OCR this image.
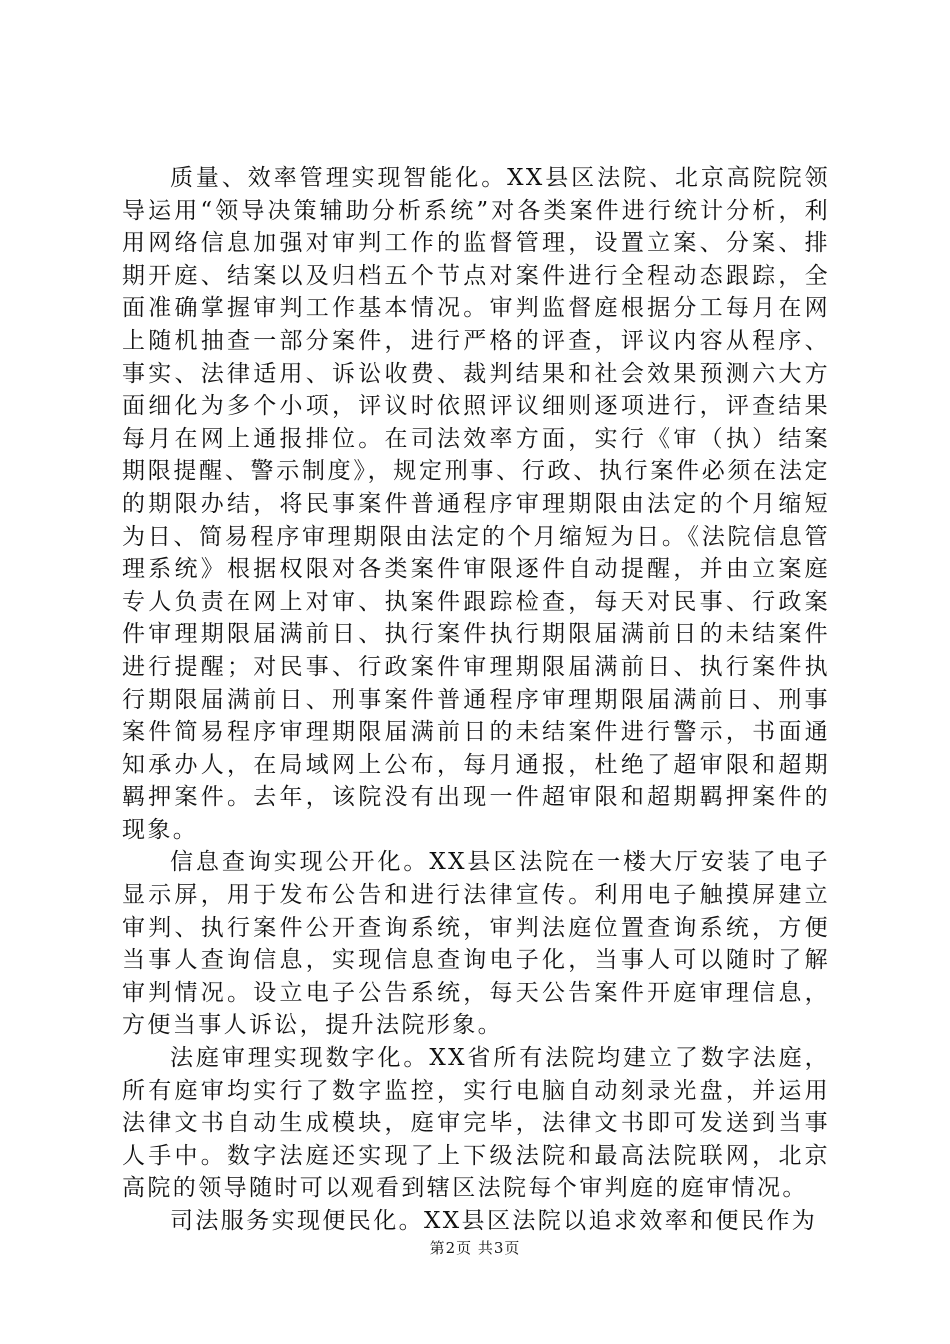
质量、效率管理实现智能化。XX县区法院、北京高院院领导运用“领导决策辅助分析系统”对各类案件进行统计分析，利用网络信息加强对审判工作的监督管理，设置立案、分案、排期开庭、结案以及归档五个节点对案件进行全程动态跟踪，全面准确掌握审判工作基本情况。审判监督庭根据分工每月在网上随机抽查一部分案件，进行严格的评查，评议内容从程序、事实、法律适用、诉讼收费、裁判结果和社会效果预测六大方面细化为多个小项，评议时依照评议细则逐项进行，评查结果每月在网上通报排位。在司法效率方面，实行《审（执）结案期限提醒、警示制度》，规定刑事、行政、执行案件必须在法定的期限办结，将民事案件普通程序审理期限由法定的个月缩短为日、简易程序审理期限由法定的个月缩短为日。《法院信息管理系统》根据权限对各类案件审限逐件自动提醒，并由立案庭专人负责在网上对审、执案件跟踪检查，每天对民事、行政案件审理期限届满前日、执行案件执行期限届满前日的未结案件进行提醒；对民事、行政案件审理期限届满前日、执行案件执行期限届满前日、刑事案件普通程序审理期限届满前日、刑事案件简易程序审理期限届满前日的未结案件进行警示，书面通知承办人，在局域网上公布，每月通报，杜绝了超审限和超期羁押案件。去年，该院没有出现一件超审限和超期羁押案件的现象。

信息查询实现公开化。XX县区法院在一楼大厅安装了电子显示屏，用于发布公告和进行法律宣传。利用电子触摸屏建立审判、执行案件公开查询系统，审判法庭位置查询系统，方便当事人查询信息，实现信息查询电子化，当事人可以随时了解审判情况。设立电子公告系统，每天公告案件开庭审理信息，方便当事人诉讼，提升法院形象。

法庭审理实现数字化。XX省所有法院均建立了数字法庭，所有庭审均实行了数字监控，实行电脑自动刻录光盘，并运用法律文书自动生成模块，庭审完毕，法律文书即可发送到当事人手中。数字法庭还实现了上下级法院和最高法院联网，北京高院的领导随时可以观看到辖区法院每个审判庭的庭审情况。

司法服务实现便民化。XX县区法院以追求效率和便民作为

第2页 共3页
